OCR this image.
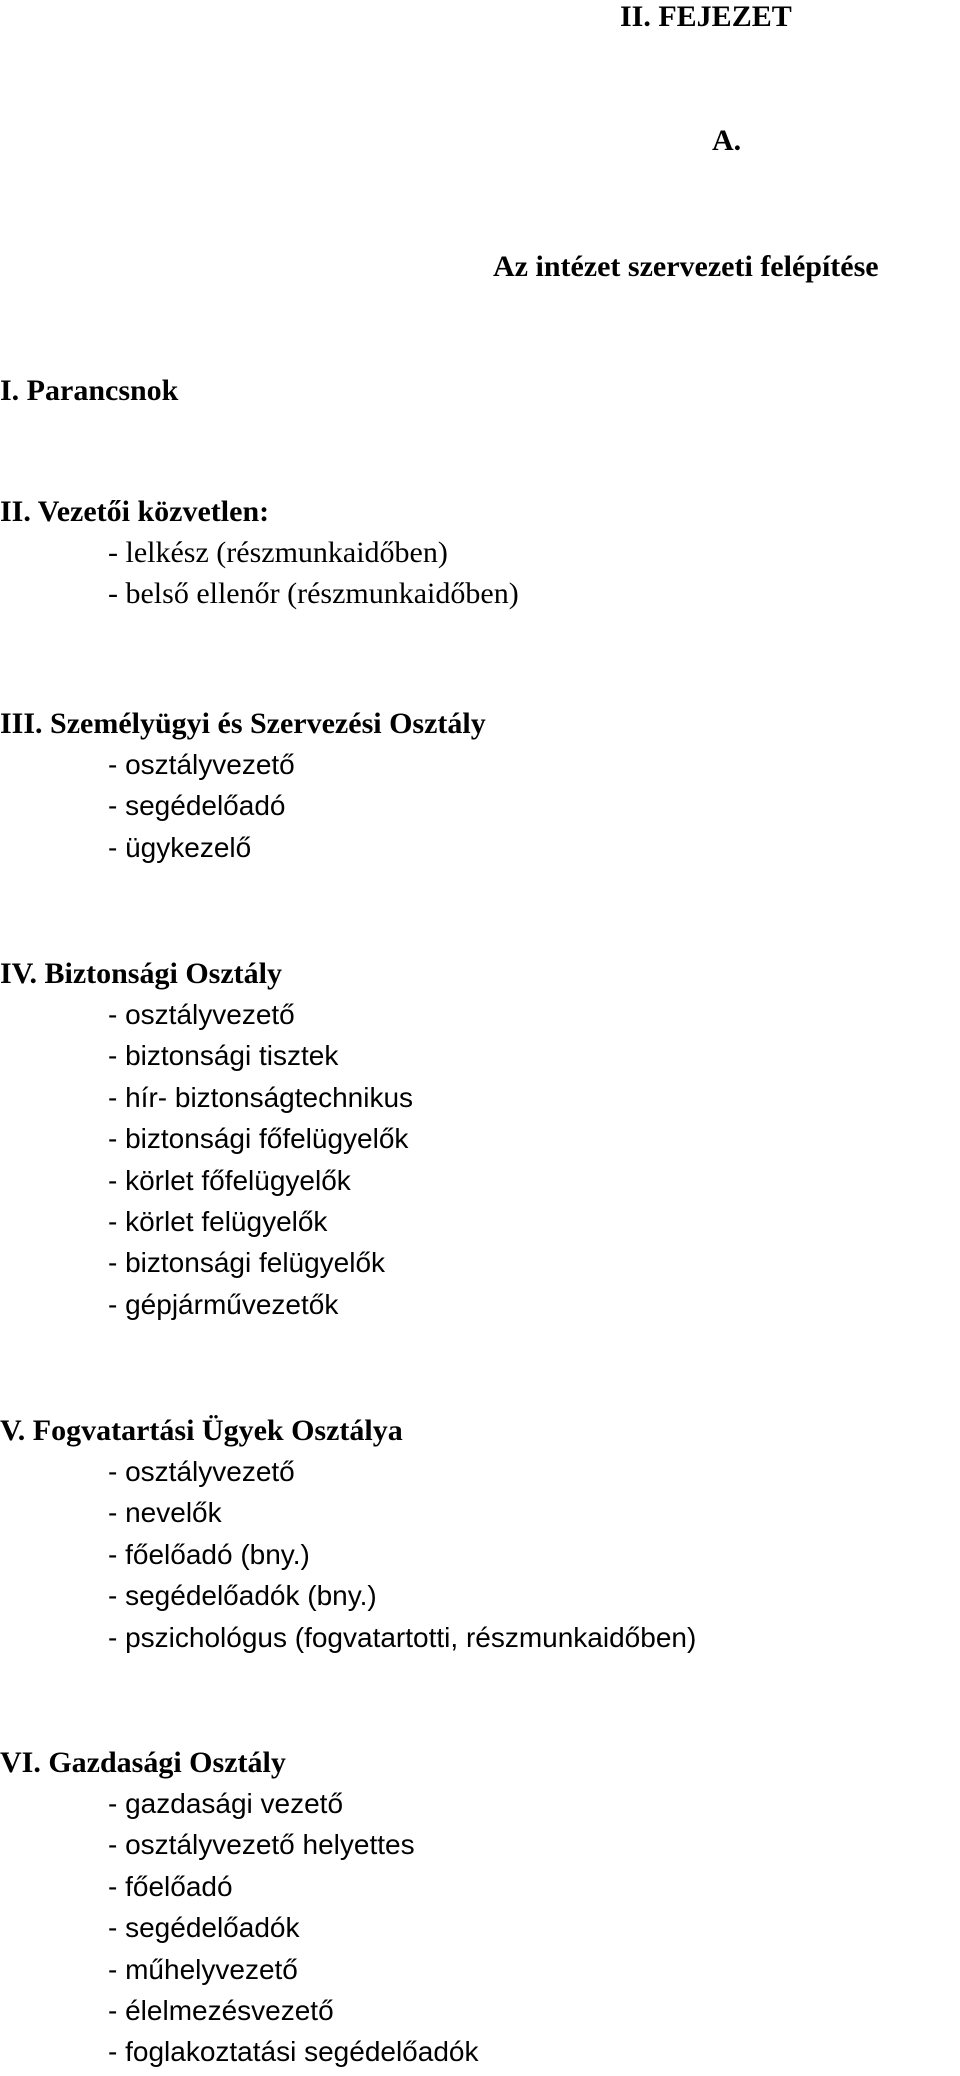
II. FEJEZET
A.
Az intézet szervezeti felépítése
I. Parancsnok
II. Vezetői közvetlen:
- lelkész (részmunkaidőben)
- belső ellenőr (részmunkaidőben)
III. Személyügyi és Szervezési Osztály
- osztályvezető
- segédelőadó
- ügykezelő
IV. Biztonsági Osztály
- osztályvezető
- biztonsági tisztek
- hír- biztonságtechnikus
- biztonsági főfelügyelők
- körlet főfelügyelők
- körlet felügyelők
- biztonsági felügyelők
- gépjárművezetők
V. Fogvatartási Ügyek Osztálya
- osztályvezető
- nevelők
- főelőadó (bny.)
- segédelőadók (bny.)
- pszichológus (fogvatartotti, részmunkaidőben)
VI. Gazdasági Osztály
- gazdasági vezető
- osztályvezető helyettes
- főelőadó
- segédelőadók
- műhelyvezető
- élelmezésvezető
- foglakoztatási segédelőadók
